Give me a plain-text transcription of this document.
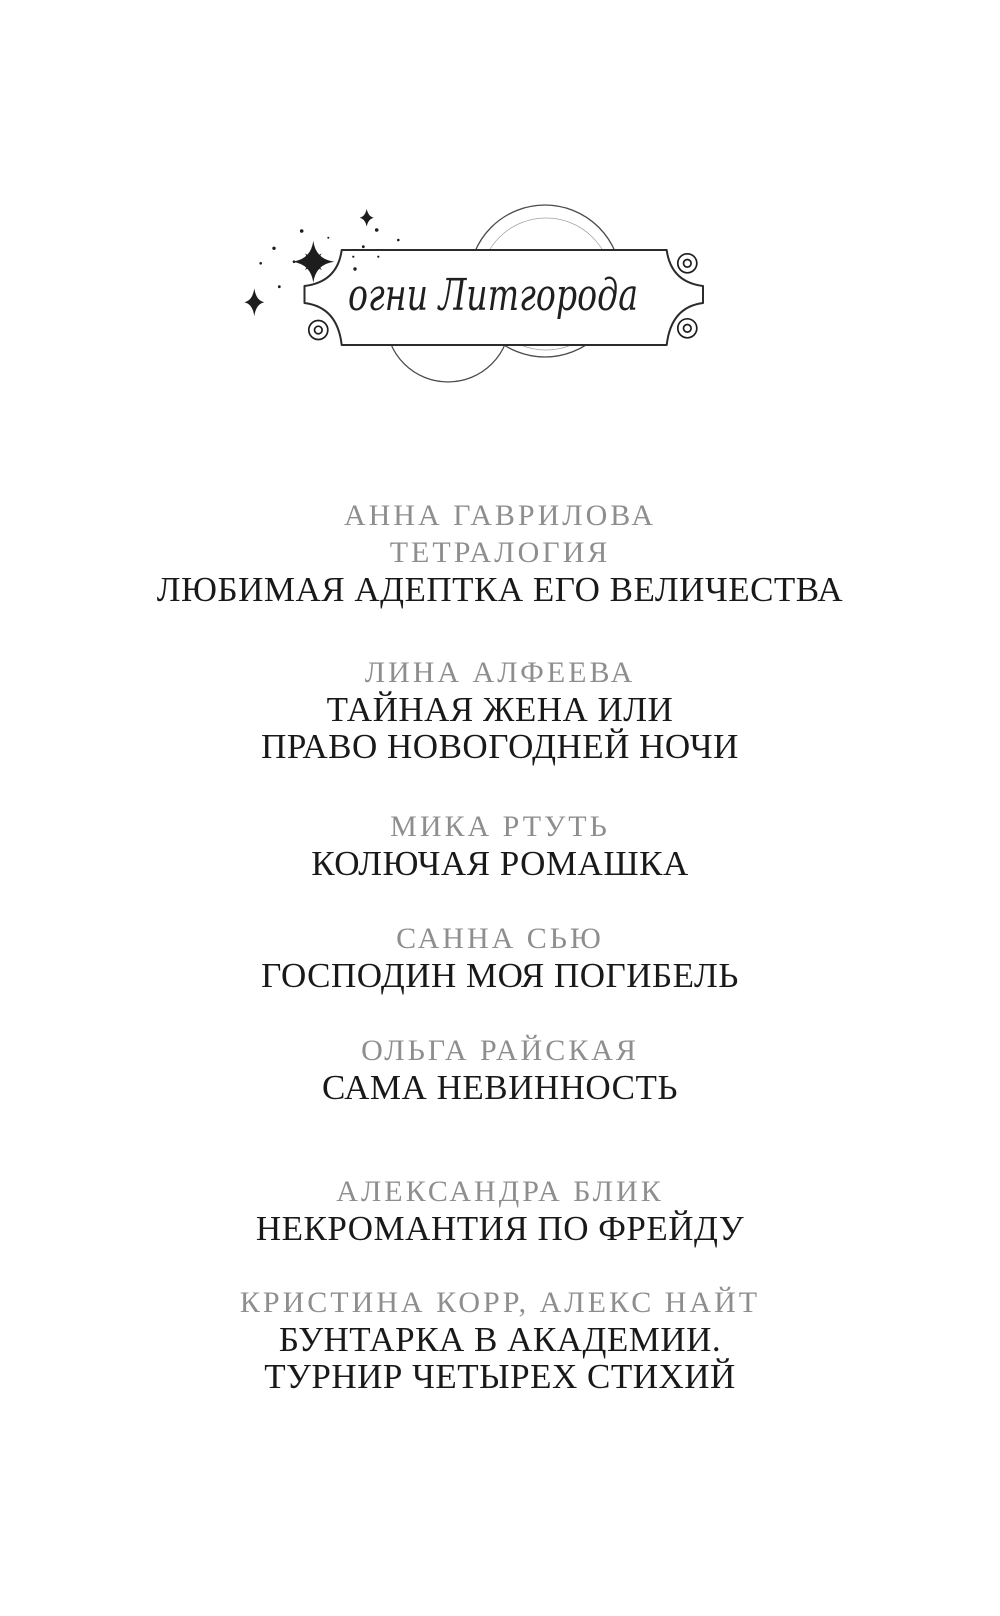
огни Литгорода
АННА ГАВРИЛОВА
ТЕТРАЛОГИЯ
ЛЮБИМАЯ АДЕПТКА ЕГО ВЕЛИЧЕСТВА
ЛИНА АЛФЕЕВА
ТАЙНАЯ ЖЕНА ИЛИ
ПРАВО НОВОГОДНЕЙ НОЧИ
МИКА РТУТЬ
КОЛЮЧАЯ РОМАШКА
САННА СЬЮ
ГОСПОДИН МОЯ ПОГИБЕЛЬ
ОЛЬГА РАЙСКАЯ
САМА НЕВИННОСТЬ
АЛЕКСАНДРА БЛИК
НЕКРОМАНТИЯ ПО ФРЕЙДУ
КРИСТИНА КОРР, АЛЕКС НАЙТ
БУНТАРКА В АКАДЕМИИ.
ТУРНИР ЧЕТЫРЕХ СТИХИЙ
